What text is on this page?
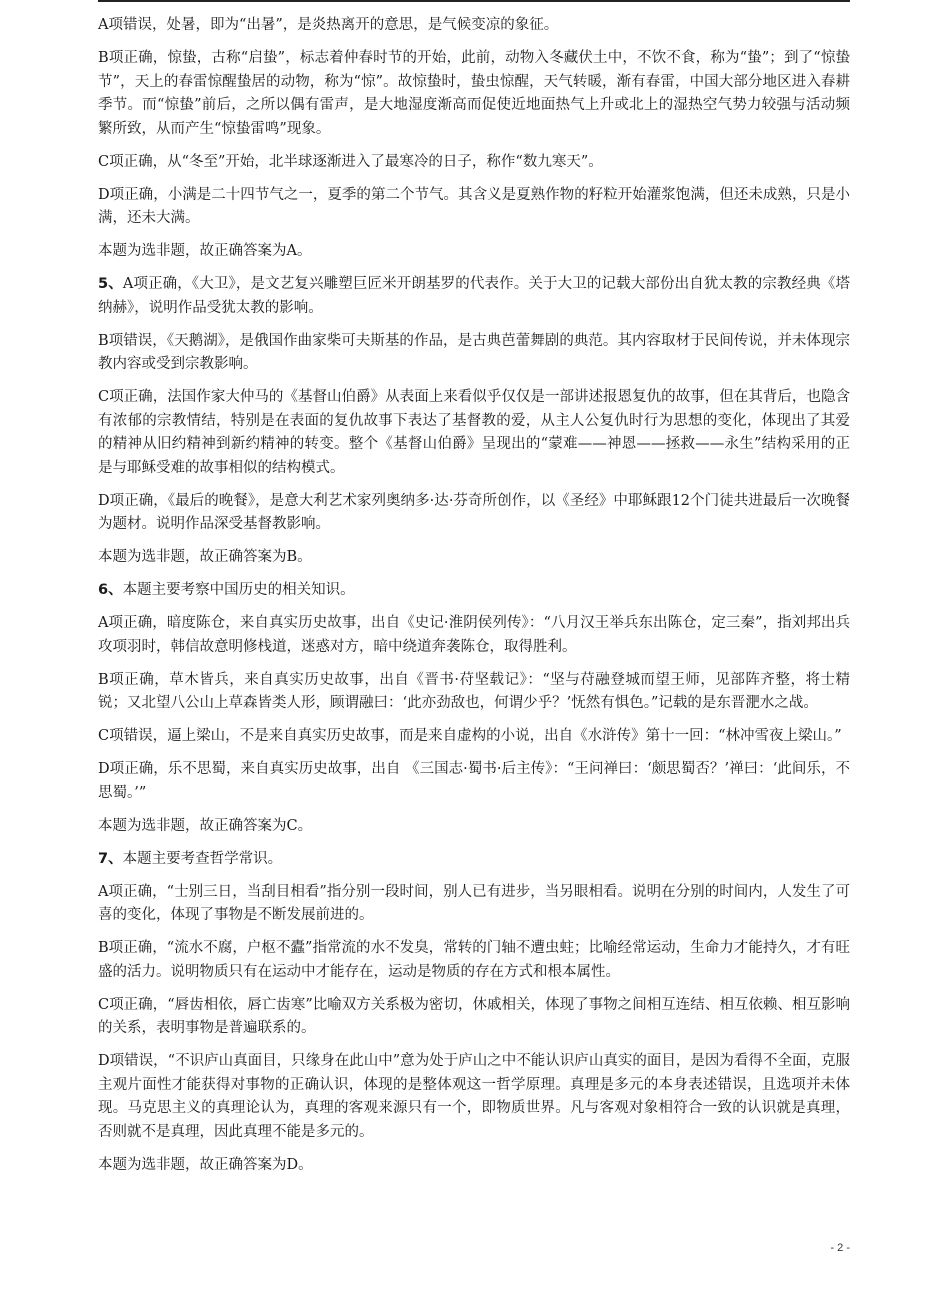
A项错误，处暑，即为“出暑”，是炎热离开的意思，是气候变凉的象征。

B项正确，惊蛰，古称“启蛰”，标志着仲春时节的开始，此前，动物入冬藏伏土中，不饮不食，称为“蛰”；到了“惊蛰节”，天上的春雷惊醒蛰居的动物，称为“惊”。故惊蛰时，蛰虫惊醒，天气转暖，渐有春雷，中国大部分地区进入春耕季节。而“惊蛰”前后，之所以偶有雷声，是大地湿度渐高而促使近地面热气上升或北上的湿热空气势力较强与活动频繁所致，从而产生“惊蛰雷鸣”现象。

C项正确，从“冬至”开始，北半球逐渐进入了最寒冷的日子，称作“数九寒天”。

D项正确，小满是二十四节气之一，夏季的第二个节气。其含义是夏熟作物的籽粒开始灌浆饱满，但还未成熟，只是小满，还未大满。

本题为选非题，故正确答案为A。

5、A项正确，《大卫》，是文艺复兴雕塑巨匠米开朗基罗的代表作。关于大卫的记载大部份出自犹太教的宗教经典《塔纳赫》，说明作品受犹太教的影响。

B项错误，《天鹅湖》，是俄国作曲家柴可夫斯基的作品，是古典芭蕾舞剧的典范。其内容取材于民间传说，并未体现宗教内容或受到宗教影响。

C项正确，法国作家大仲马的《基督山伯爵》从表面上来看似乎仅仅是一部讲述报恩复仇的故事，但在其背后，也隐含有浓郁的宗教情结，特别是在表面的复仇故事下表达了基督教的爱，从主人公复仇时行为思想的变化，体现出了其爱的精神从旧约精神到新约精神的转变。整个《基督山伯爵》呈现出的“蒙难——神恩——拯救——永生”结构采用的正是与耶稣受难的故事相似的结构模式。

D项正确，《最后的晚餐》，是意大利艺术家列奥纳多·达·芬奇所创作，以《圣经》中耶稣跟12个门徒共进最后一次晚餐为题材。说明作品深受基督教影响。

本题为选非题，故正确答案为B。

6、本题主要考察中国历史的相关知识。

A项正确，暗度陈仓，来自真实历史故事，出自《史记·淮阴侯列传》：“八月汉王举兵东出陈仓，定三秦”，指刘邦出兵攻项羽时，韩信故意明修栈道，迷惑对方，暗中绕道奔袭陈仓，取得胜利。

B项正确，草木皆兵，来自真实历史故事，出自《晋书·苻坚载记》：“坚与苻融登城而望王师，见部阵齐整，将士精锐；又北望八公山上草森皆类人形，顾谓融曰：‘此亦劲敌也，何谓少乎？’怃然有惧色。”记载的是东晋淝水之战。

C项错误，逼上梁山，不是来自真实历史故事，而是来自虚构的小说，出自《水浒传》第十一回：“林冲雪夜上梁山。”

D项正确，乐不思蜀，来自真实历史故事，出自 《三国志·蜀书·后主传》：“王问禅曰：‘颇思蜀否？’禅曰：‘此间乐，不思蜀。’”

本题为选非题，故正确答案为C。

7、本题主要考查哲学常识。

A项正确，“士别三日，当刮目相看”指分别一段时间，别人已有进步，当另眼相看。说明在分别的时间内，人发生了可喜的变化，体现了事物是不断发展前进的。

B项正确，“流水不腐，户枢不蠹”指常流的水不发臭，常转的门轴不遭虫蛀；比喻经常运动，生命力才能持久，才有旺盛的活力。说明物质只有在运动中才能存在，运动是物质的存在方式和根本属性。

C项正确，“唇齿相依，唇亡齿寒”比喻双方关系极为密切，休戚相关，体现了事物之间相互连结、相互依赖、相互影响的关系，表明事物是普遍联系的。

D项错误，“不识庐山真面目，只缘身在此山中”意为处于庐山之中不能认识庐山真实的面目，是因为看得不全面，克服主观片面性才能获得对事物的正确认识，体现的是整体观这一哲学原理。真理是多元的本身表述错误，且选项并未体现。马克思主义的真理论认为，真理的客观来源只有一个，即物质世界。凡与客观对象相符合一致的认识就是真理，否则就不是真理，因此真理不能是多元的。

本题为选非题，故正确答案为D。

- 2 -
